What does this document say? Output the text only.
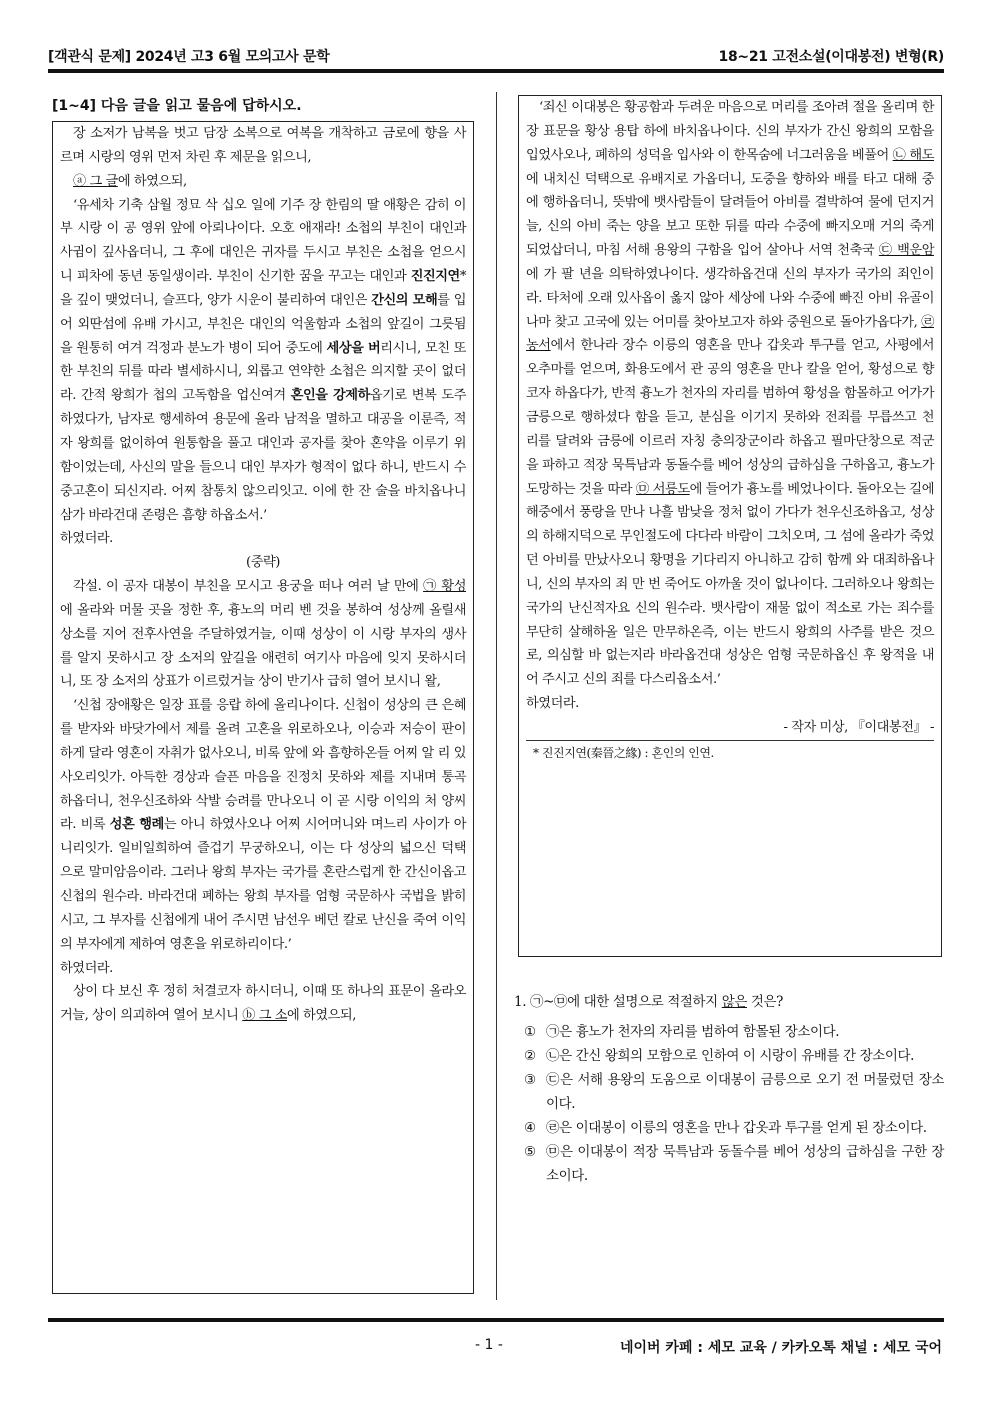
[객관식 문제] 2024년 고3 6월 모의고사 문학	18~21 고전소설(이대봉전) 변형(R)
[1~4] 다음 글을 읽고 물음에 답하시오.

장 소저가 남복을 벗고 담장 소복으로 여복을 개착하고 금로에 향을 사르며 시랑의 영위 먼저 차린 후 제문을 읽으니,

ⓐ 그 글에 하였으되,

‘유세차 기축 삼월 정묘 삭 십오 일에 기주 장 한림의 딸 애황은 감히 이부 시랑 이 공 영위 앞에 아뢰나이다. 오호 애재라! 소첩의 부친이 대인과 사귐이 깊사옵더니, 그 후에 대인은 귀자를 두시고 부친은 소첩을 얻으시니 피차에 동년 동일생이라. 부친이 신기한 꿈을 꾸고는 대인과 진진지연*을 깊이 맺었더니, 슬프다, 양가 시운이 불리하여 대인은 간신의 모해를 입어 외딴섬에 유배 가시고, 부친은 대인의 억울함과 소첩의 앞길이 그릇됨을 원통히 여겨 걱정과 분노가 병이 되어 중도에 세상을 버리시니, 모친 또한 부친의 뒤를 따라 별세하시니, 외롭고 연약한 소첩은 의지할 곳이 없더라. 간적 왕희가 첩의 고독함을 업신여겨 혼인을 강제하옵기로 변복 도주하였다가, 남자로 행세하여 용문에 올라 남적을 멸하고 대공을 이룬즉, 적자 왕희를 없이하여 원통함을 풀고 대인과 공자를 찾아 혼약을 이루기 위함이었는데, 사신의 말을 들으니 대인 부자가 형적이 없다 하니, 반드시 수중고혼이 되신지라. 어찌 참통치 않으리잇고. 이에 한 잔 술을 바치옵나니 삼가 바라건대 존령은 흠향 하옵소서.’

하였더라.

(중략)

각설. 이 공자 대봉이 부친을 모시고 용궁을 떠나 여러 날 만에 ㉠ 황성에 올라와 머물 곳을 정한 후, 흉노의 머리 벤 것을 봉하여 성상께 올릴새 상소를 지어 전후사연을 주달하였거늘, 이때 성상이 이 시랑 부자의 생사를 알지 못하시고 장 소저의 앞길을 애련히 여기사 마음에 잊지 못하시더니, 또 장 소저의 상표가 이르렀거늘 상이 반기사 급히 열어 보시니 왈,

‘신첩 장애황은 일장 표를 응랍 하에 올리나이다. 신첩이 성상의 큰 은혜를 받자와 바닷가에서 제를 올려 고혼을 위로하오나, 이승과 저승이 판이하게 달라 영혼이 자취가 없사오니, 비록 앞에 와 흠향하온들 어찌 알 리 있사오리잇가. 아득한 경상과 슬픈 마음을 진정치 못하와 제를 지내며 통곡하옵더니, 천우신조하와 삭발 승려를 만나오니 이 곧 시랑 이익의 처 양씨라. 비록 성혼 행례는 아니 하였사오나 어찌 시어머니와 며느리 사이가 아니리잇가. 일비일희하여 즐겁기 무궁하오니, 이는 다 성상의 넓으신 덕택으로 말미암음이라. 그러나 왕희 부자는 국가를 혼란스럽게 한 간신이옵고 신첩의 원수라. 바라건대 폐하는 왕희 부자를 엄형 국문하사 국법을 밝히시고, 그 부자를 신첩에게 내어 주시면 남선우 베던 칼로 난신을 죽여 이익의 부자에게 제하여 영혼을 위로하리이다.’

하였더라.

상이 다 보신 후 정히 처결코자 하시더니, 이때 또 하나의 표문이 올라오거늘, 상이 의괴하여 열어 보시니 ⓑ 그 소에 하였으되,

‘죄신 이대봉은 황공함과 두려운 마음으로 머리를 조아려 절을 올리며 한 장 표문을 황상 용탑 하에 바치옵나이다. 신의 부자가 간신 왕희의 모함을 입었사오나, 폐하의 성덕을 입사와 이 한목숨에 너그러움을 베풀어 ㉡ 해도에 내치신 덕택으로 유배지로 가옵더니, 도중을 향하와 배를 타고 대해 중에 행하옵더니, 뜻밖에 뱃사람들이 달려들어 아비를 결박하여 물에 던지거늘, 신의 아비 죽는 양을 보고 또한 뒤를 따라 수중에 빠지오매 거의 죽게 되었삽더니, 마침 서해 용왕의 구함을 입어 살아나 서역 천축국 ㉢ 백운암에 가 팔 년을 의탁하였나이다. 생각하옵건대 신의 부자가 국가의 죄인이라. 타처에 오래 있사옵이 옳지 않아 세상에 나와 수중에 빠진 아비 유골이나마 찾고 고국에 있는 어미를 찾아보고자 하와 중원으로 돌아가옵다가, ㉣ 농서에서 한나라 장수 이릉의 영혼을 만나 갑옷과 투구를 얻고, 사평에서 오추마를 얻으며, 화용도에서 관 공의 영혼을 만나 칼을 얻어, 황성으로 향코자 하옵다가, 반적 흉노가 천자의 자리를 범하여 황성을 함몰하고 어가가 금릉으로 행하셨다 함을 듣고, 분심을 이기지 못하와 전죄를 무릅쓰고 천 리를 달려와 금릉에 이르러 자칭 충의장군이라 하옵고 필마단창으로 적군을 파하고 적장 묵특남과 동돌수를 베어 성상의 급하심을 구하옵고, 흉노가 도망하는 것을 따라 ㉤ 서릉도에 들어가 흉노를 베었나이다. 돌아오는 길에 해중에서 풍랑을 만나 나흘 밤낮을 정처 없이 가다가 천우신조하옵고, 성상의 하해지덕으로 무인절도에 다다라 바람이 그치오며, 그 섬에 올라가 죽었던 아비를 만났사오니 황명을 기다리지 아니하고 감히 함께 와 대죄하옵나니, 신의 부자의 죄 만 번 죽어도 아까울 것이 없나이다. 그러하오나 왕희는 국가의 난신적자요 신의 원수라. 뱃사람이 재물 없이 적소로 가는 죄수를 무단히 살해하올 일은 만무하온즉, 이는 반드시 왕희의 사주를 받은 것으로, 의심할 바 없는지라 바라옵건대 성상은 엄형 국문하옵신 후 왕적을 내어 주시고 신의 죄를 다스리옵소서.’

하였더라.

- 작자 미상, 『이대봉전』 -

* 진진지연(秦晉之緣) : 혼인의 인연.

1. ㉠~㉤에 대한 설명으로 적절하지 않은 것은?

① ㉠은 흉노가 천자의 자리를 범하여 함몰된 장소이다.
② ㉡은 간신 왕희의 모함으로 인하여 이 시랑이 유배를 간 장소이다.
③ ㉢은 서해 용왕의 도움으로 이대봉이 금릉으로 오기 전 머물렀던 장소이다.
④ ㉣은 이대봉이 이릉의 영혼을 만나 갑옷과 투구를 얻게 된 장소이다.
⑤ ㉤은 이대봉이 적장 묵특남과 동돌수를 베어 성상의 급하심을 구한 장소이다.
- 1 -	네이버 카페 : 세모 교육 / 카카오톡 채널 : 세모 국어
